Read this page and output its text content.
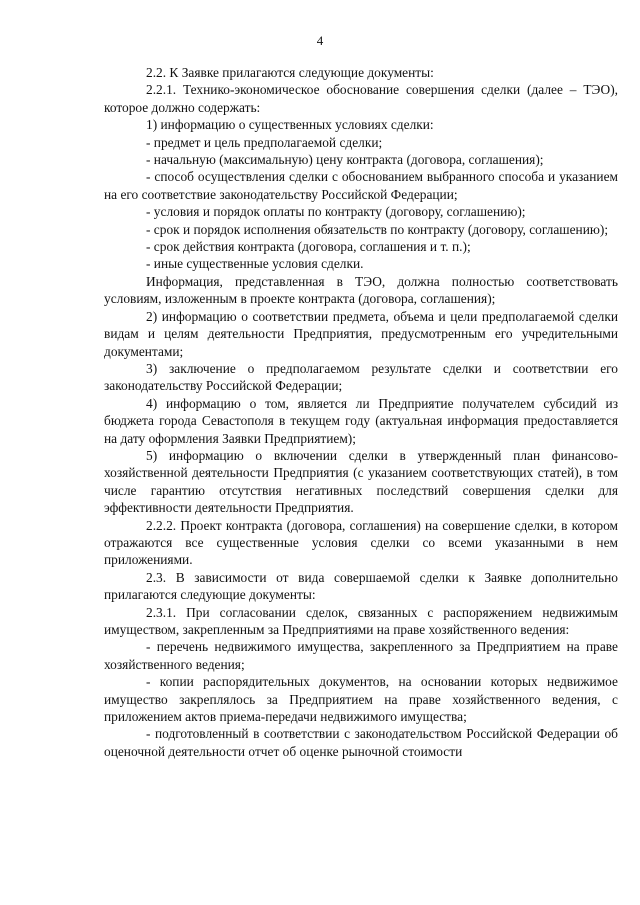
4

2.2. К Заявке прилагаются следующие документы:

2.2.1. Технико-экономическое обоснование совершения сделки (далее – ТЭО), которое должно содержать:

1) информацию о существенных условиях сделки:

- предмет и цель предполагаемой сделки;

- начальную (максимальную) цену контракта (договора, соглашения);

- способ осуществления сделки с обоснованием выбранного способа и указанием на его соответствие законодательству Российской Федерации;

- условия и порядок оплаты по контракту (договору, соглашению);

- срок и порядок исполнения обязательств по контракту (договору, соглашению);

- срок действия контракта (договора, соглашения и т. п.);

- иные существенные условия сделки.

Информация, представленная в ТЭО, должна полностью соответствовать условиям, изложенным в проекте контракта (договора, соглашения);

2) информацию о соответствии предмета, объема и цели предполагаемой сделки видам и целям деятельности Предприятия, предусмотренным его учредительными документами;

3) заключение о предполагаемом результате сделки и соответствии его законодательству Российской Федерации;

4) информацию о том, является ли Предприятие получателем субсидий из бюджета города Севастополя в текущем году (актуальная информация предоставляется на дату оформления Заявки Предприятием);

5) информацию о включении сделки в утвержденный план финансово-хозяйственной деятельности Предприятия (с указанием соответствующих статей), в том числе гарантию отсутствия негативных последствий совершения сделки для эффективности деятельности Предприятия.

2.2.2. Проект контракта (договора, соглашения) на совершение сделки, в котором отражаются все существенные условия сделки со всеми указанными в нем приложениями.

2.3. В зависимости от вида совершаемой сделки к Заявке дополнительно прилагаются следующие документы:

2.3.1. При согласовании сделок, связанных с распоряжением недвижимым имуществом, закрепленным за Предприятиями на праве хозяйственного ведения:

- перечень недвижимого имущества, закрепленного за Предприятием на праве хозяйственного ведения;

- копии распорядительных документов, на основании которых недвижимое имущество закреплялось за Предприятием на праве хозяйственного ведения, с приложением актов приема-передачи недвижимого имущества;

- подготовленный в соответствии с законодательством Российской Федерации об оценочной деятельности отчет об оценке рыночной стоимости
